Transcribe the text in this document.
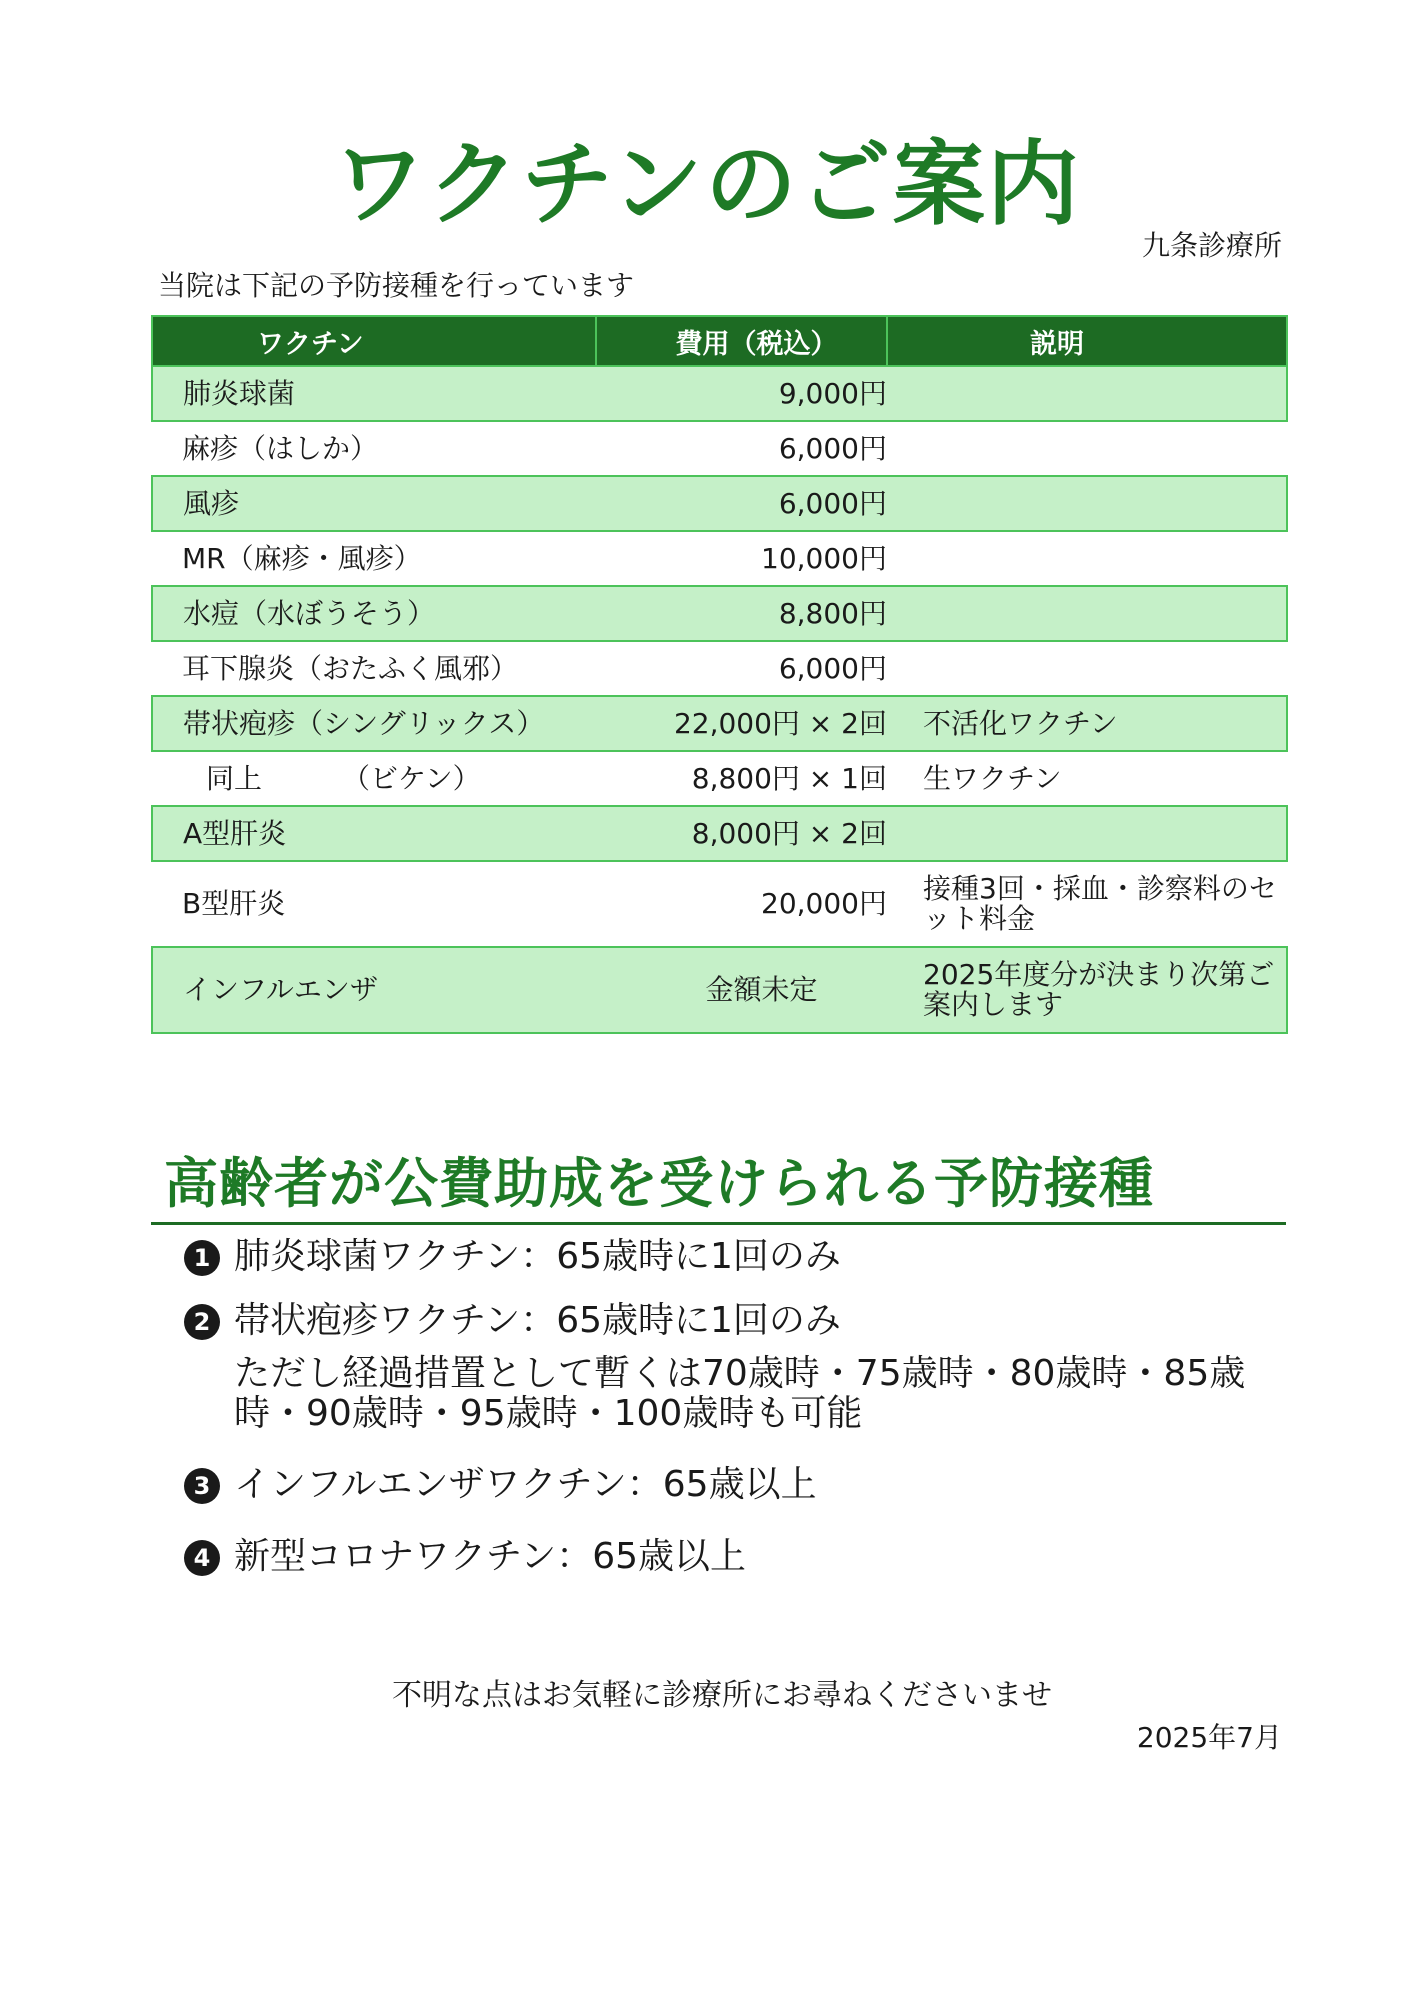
ワクチンのご案内
九条診療所
当院は下記の予防接種を行っています
ワクチン	費用（税込）	説明
肺炎球菌	9,000円	
麻疹（はしか）	6,000円	
風疹	6,000円	
MR（麻疹・風疹）	10,000円	
水痘（水ぼうそう）	8,800円	
耳下腺炎（おたふく風邪）	6,000円	
帯状疱疹（シングリックス）	22,000円 × 2回	不活化ワクチン
同上 （ビケン）	8,800円 × 1回	生ワクチン
A型肝炎	8,000円 × 2回	
B型肝炎	20,000円	接種3回・採血・診察料のセット料金
インフルエンザ	金額未定	2025年度分が決まり次第ご案内します
高齢者が公費助成を受けられる予防接種
1 肺炎球菌ワクチン：65歳時に1回のみ
2 帯状疱疹ワクチン：65歳時に1回のみ
ただし経過措置として暫くは70歳時・75歳時・80歳時・85歳時・90歳時・95歳時・100歳時も可能
3 インフルエンザワクチン：65歳以上
4 新型コロナワクチン：65歳以上
不明な点はお気軽に診療所にお尋ねくださいませ
2025年7月
